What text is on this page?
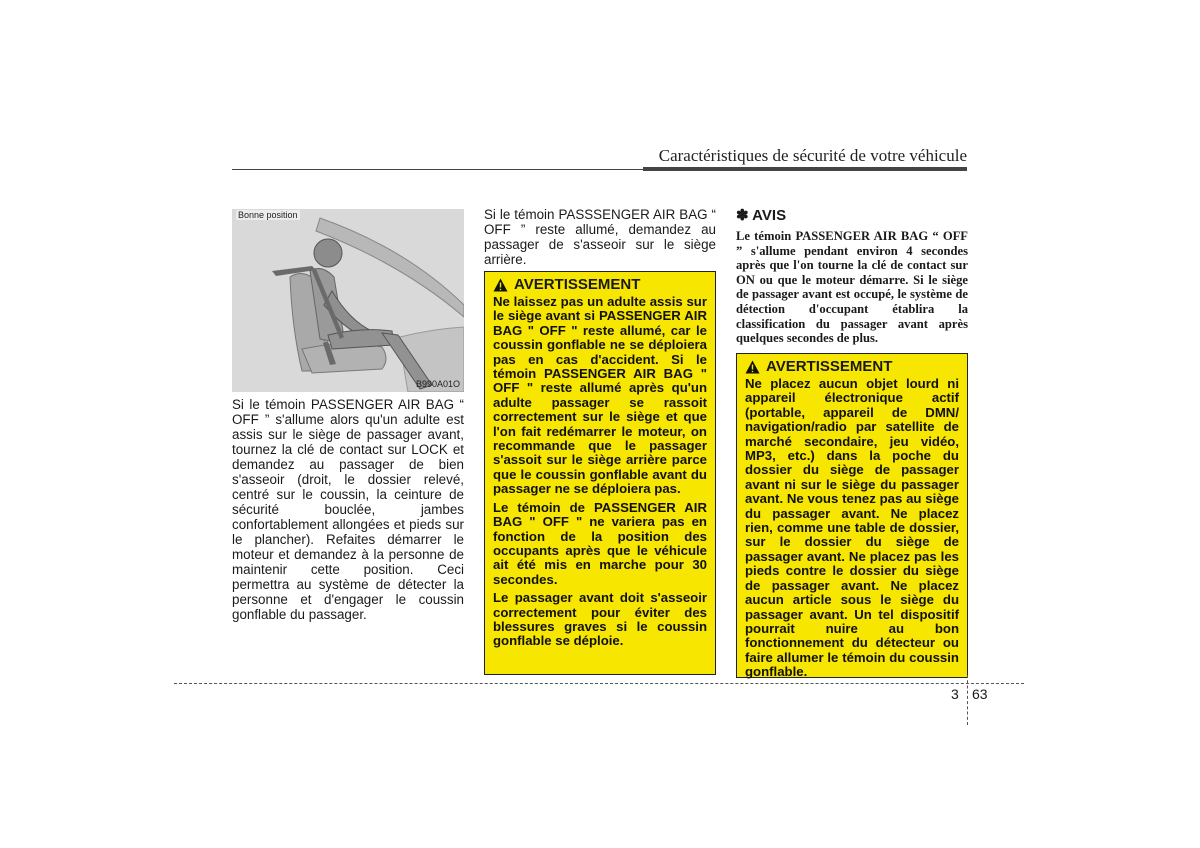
Caractéristiques de sécurité de votre véhicule
Bonne position
B990A01O
Si le témoin PASSENGER AIR BAG “ OFF ” s'allume alors qu'un adulte est assis sur le siège de passager avant, tournez la clé de contact sur LOCK et demandez au passager de bien s'asseoir (droit, le dossier relevé, centré sur le coussin, la ceinture de sécurité bouclée, jambes confortablement allongées et pieds sur le plancher). Refaites démarrer le moteur et demandez à la personne de maintenir cette position. Ceci permettra au système de détecter la personne et d'engager le coussin gonflable du passager.
Si le témoin PASSSENGER AIR BAG “ OFF ” reste allumé, demandez au passager de s'asseoir sur le siège arrière.
AVERTISSEMENT

Ne laissez pas un adulte assis sur le siège avant si PASSENGER AIR BAG " OFF " reste allumé, car le coussin gonflable ne se déploiera pas en cas d'accident. Si le témoin PASSENGER AIR BAG " OFF " reste allumé après qu'un adulte passager se rassoit correctement sur le siège et que l'on fait redémarrer le moteur, on recommande que le passager s'assoit sur le siège arrière parce que le coussin gonflable avant du passager ne se déploiera pas.

Le témoin de PASSENGER AIR BAG " OFF " ne variera pas en fonction de la position des occupants après que le véhicule ait été mis en marche pour 30 secondes.

Le passager avant doit s'asseoir correctement pour éviter des blessures graves si le coussin gonflable se déploie.

✽ AVIS

Le témoin PASSENGER AIR BAG “ OFF ” s'allume pendant environ 4 secondes après que l'on tourne la clé de contact sur ON ou que le moteur démarre. Si le siège de passager avant est occupé, le système de détection d'occupant établira la classification du passager avant après quelques secondes de plus.

AVERTISSEMENT

Ne placez aucun objet lourd ni appareil électronique actif (portable, appareil de DMN/ navigation/radio par satellite de marché secondaire, jeu vidéo, MP3, etc.) dans la poche du dossier du siège de passager avant ni sur le siège du passager avant. Ne vous tenez pas au siège du passager avant. Ne placez rien, comme une table de dossier, sur le dossier du siège de passager avant. Ne placez pas les pieds contre le dossier du siège de passager avant. Ne placez aucun article sous le siège du passager avant. Un tel dispositif pourrait nuire au bon fonctionnement du détecteur ou faire allumer le témoin du coussin gonflable.

3 63
